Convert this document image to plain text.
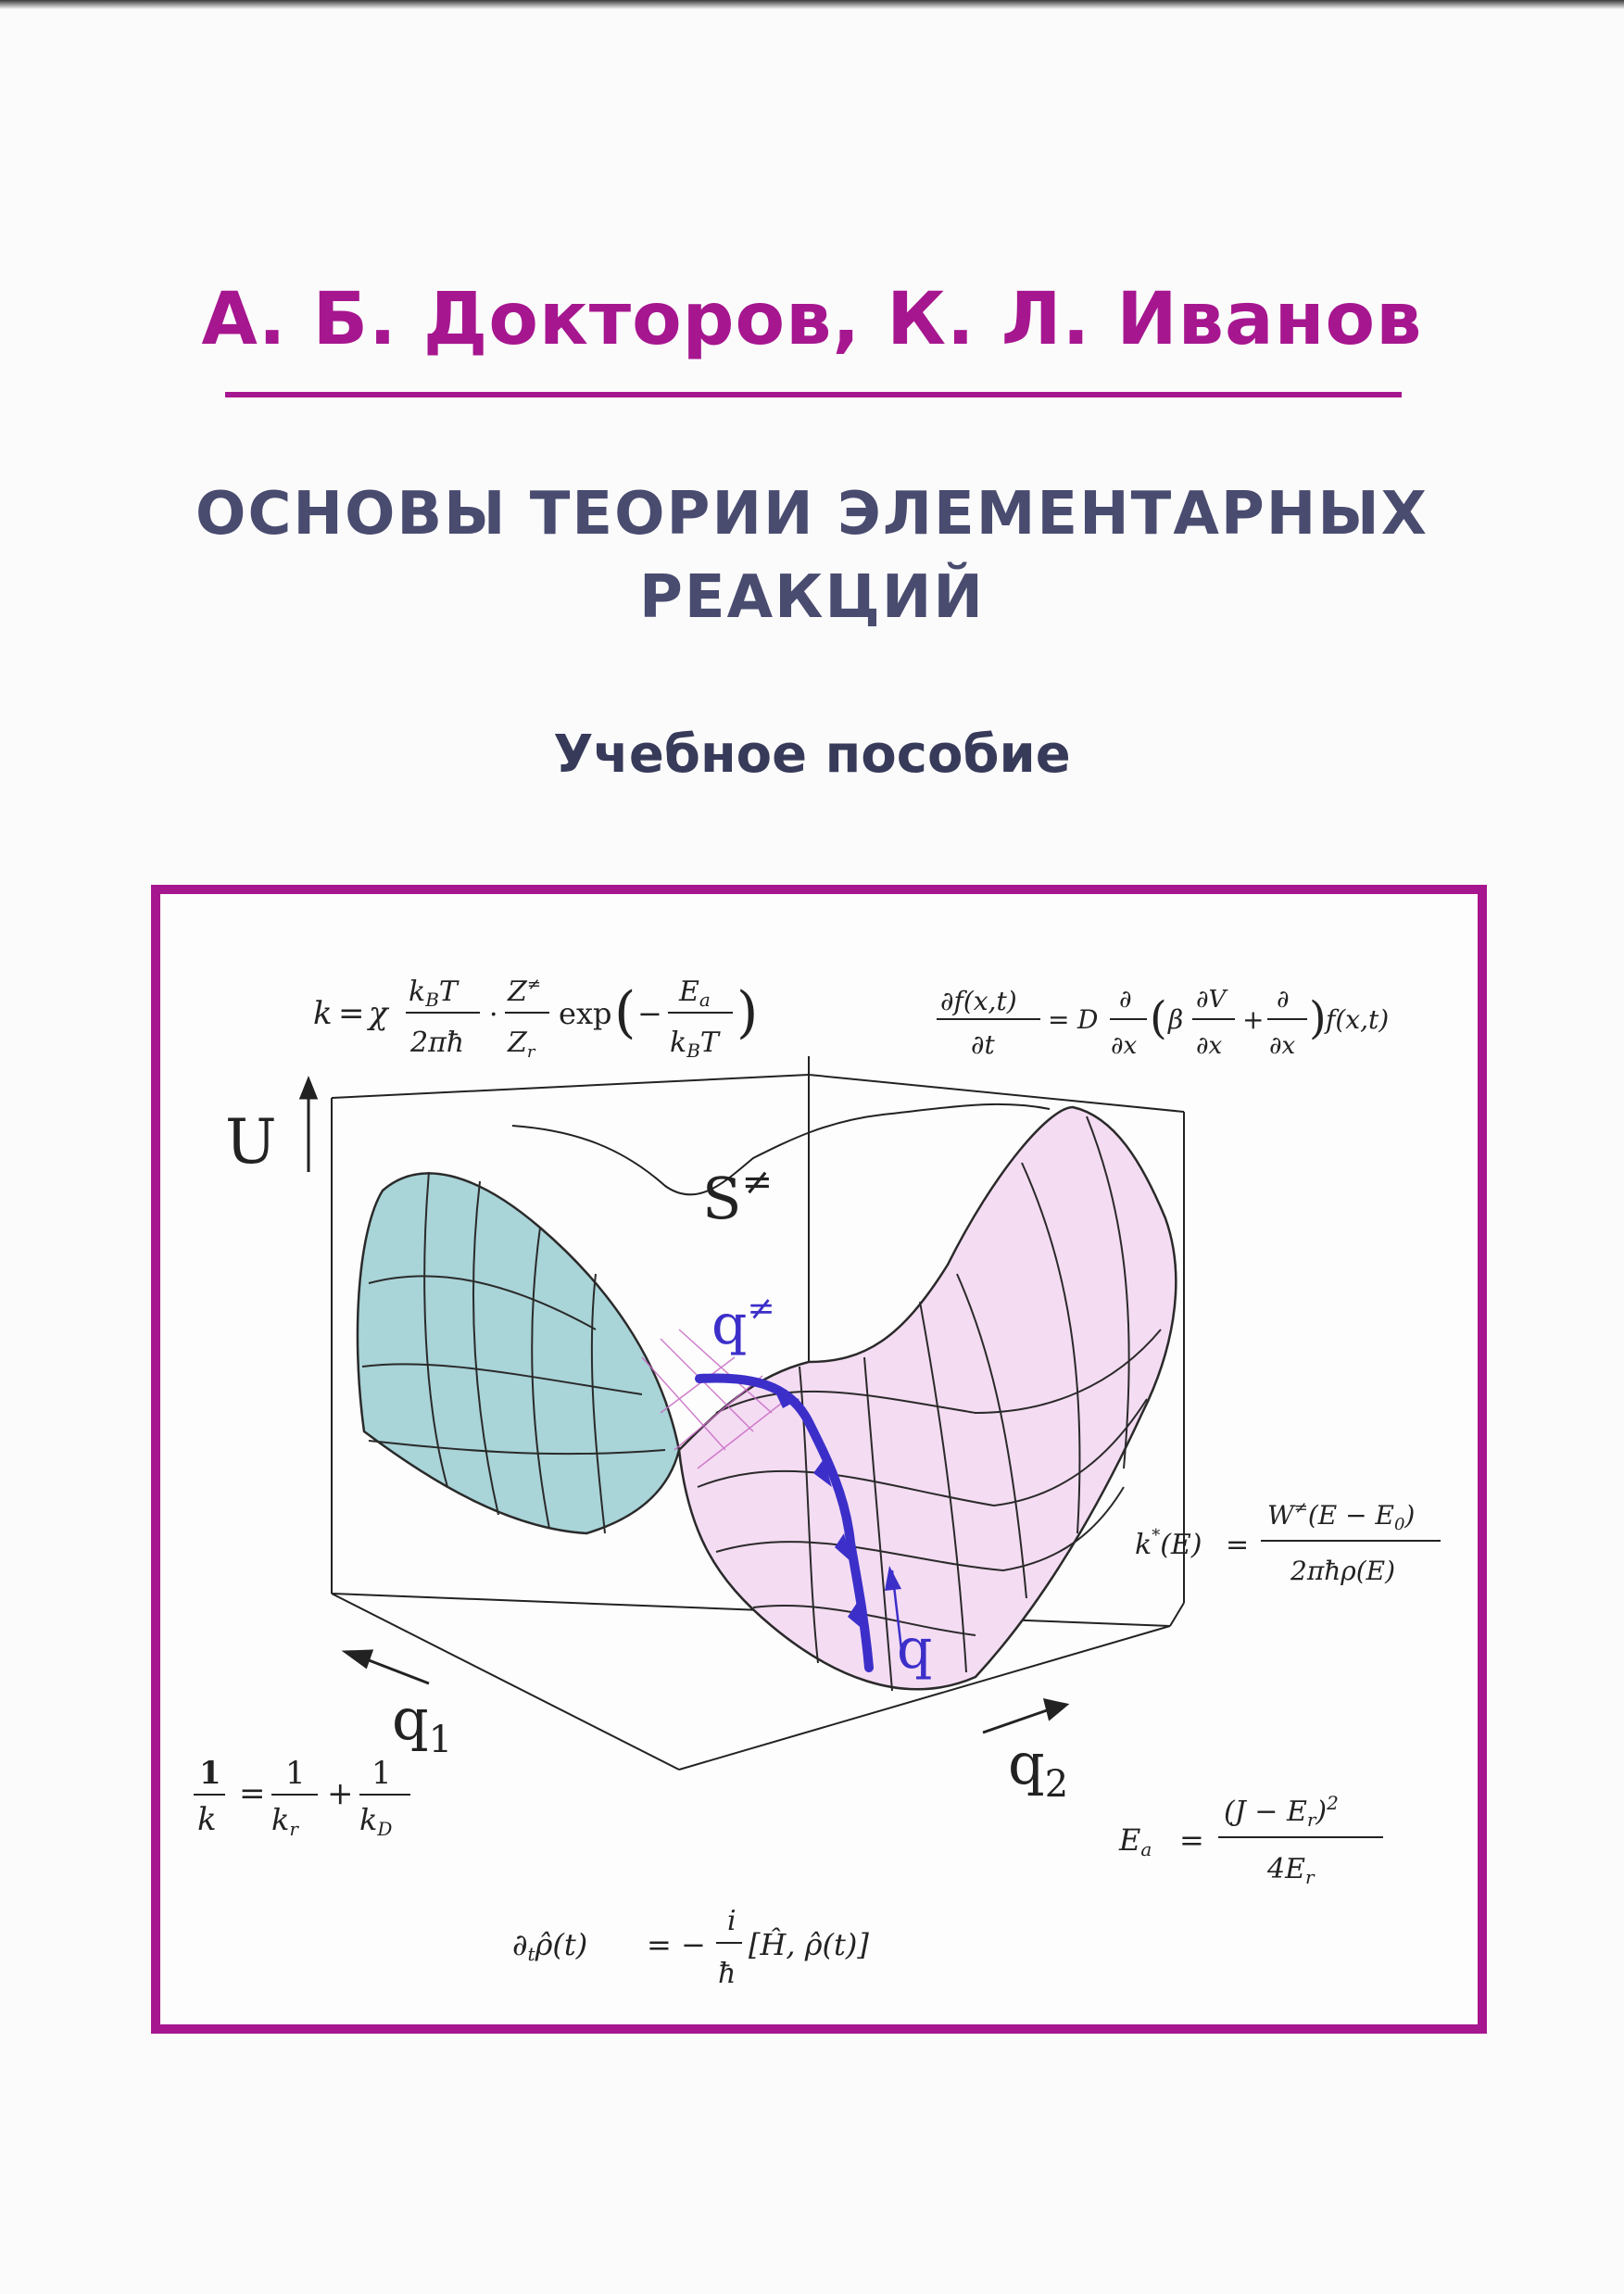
А. Б. Докторов, К. Л. Иванов
ОСНОВЫ ТЕОРИИ ЭЛЕМЕНТАРНЫХ
РЕАКЦИЙ
Учебное пособие
k = χ
$k_BT$
2πħ
·
Z≠
$Z_r$
exp ( −
$E_a$
$k_BT$ )	∂f(x,t)
∂t
= D
∂
∂x
( β
∂V
∂x
+
∂
∂x
) f(x,t)
U
$q_1$	$q_2$
S≠
q≠
q
k*(E) =
$W^\ne(E - E_0)$
2πħρ(E)
1
k
=
1
kr
+
1
kD	Ea =
$(J - E_r)^2$
$4E_r$
∂tρ̂(t) = −
i
ħ
[Ĥ, ρ̂(t)]
